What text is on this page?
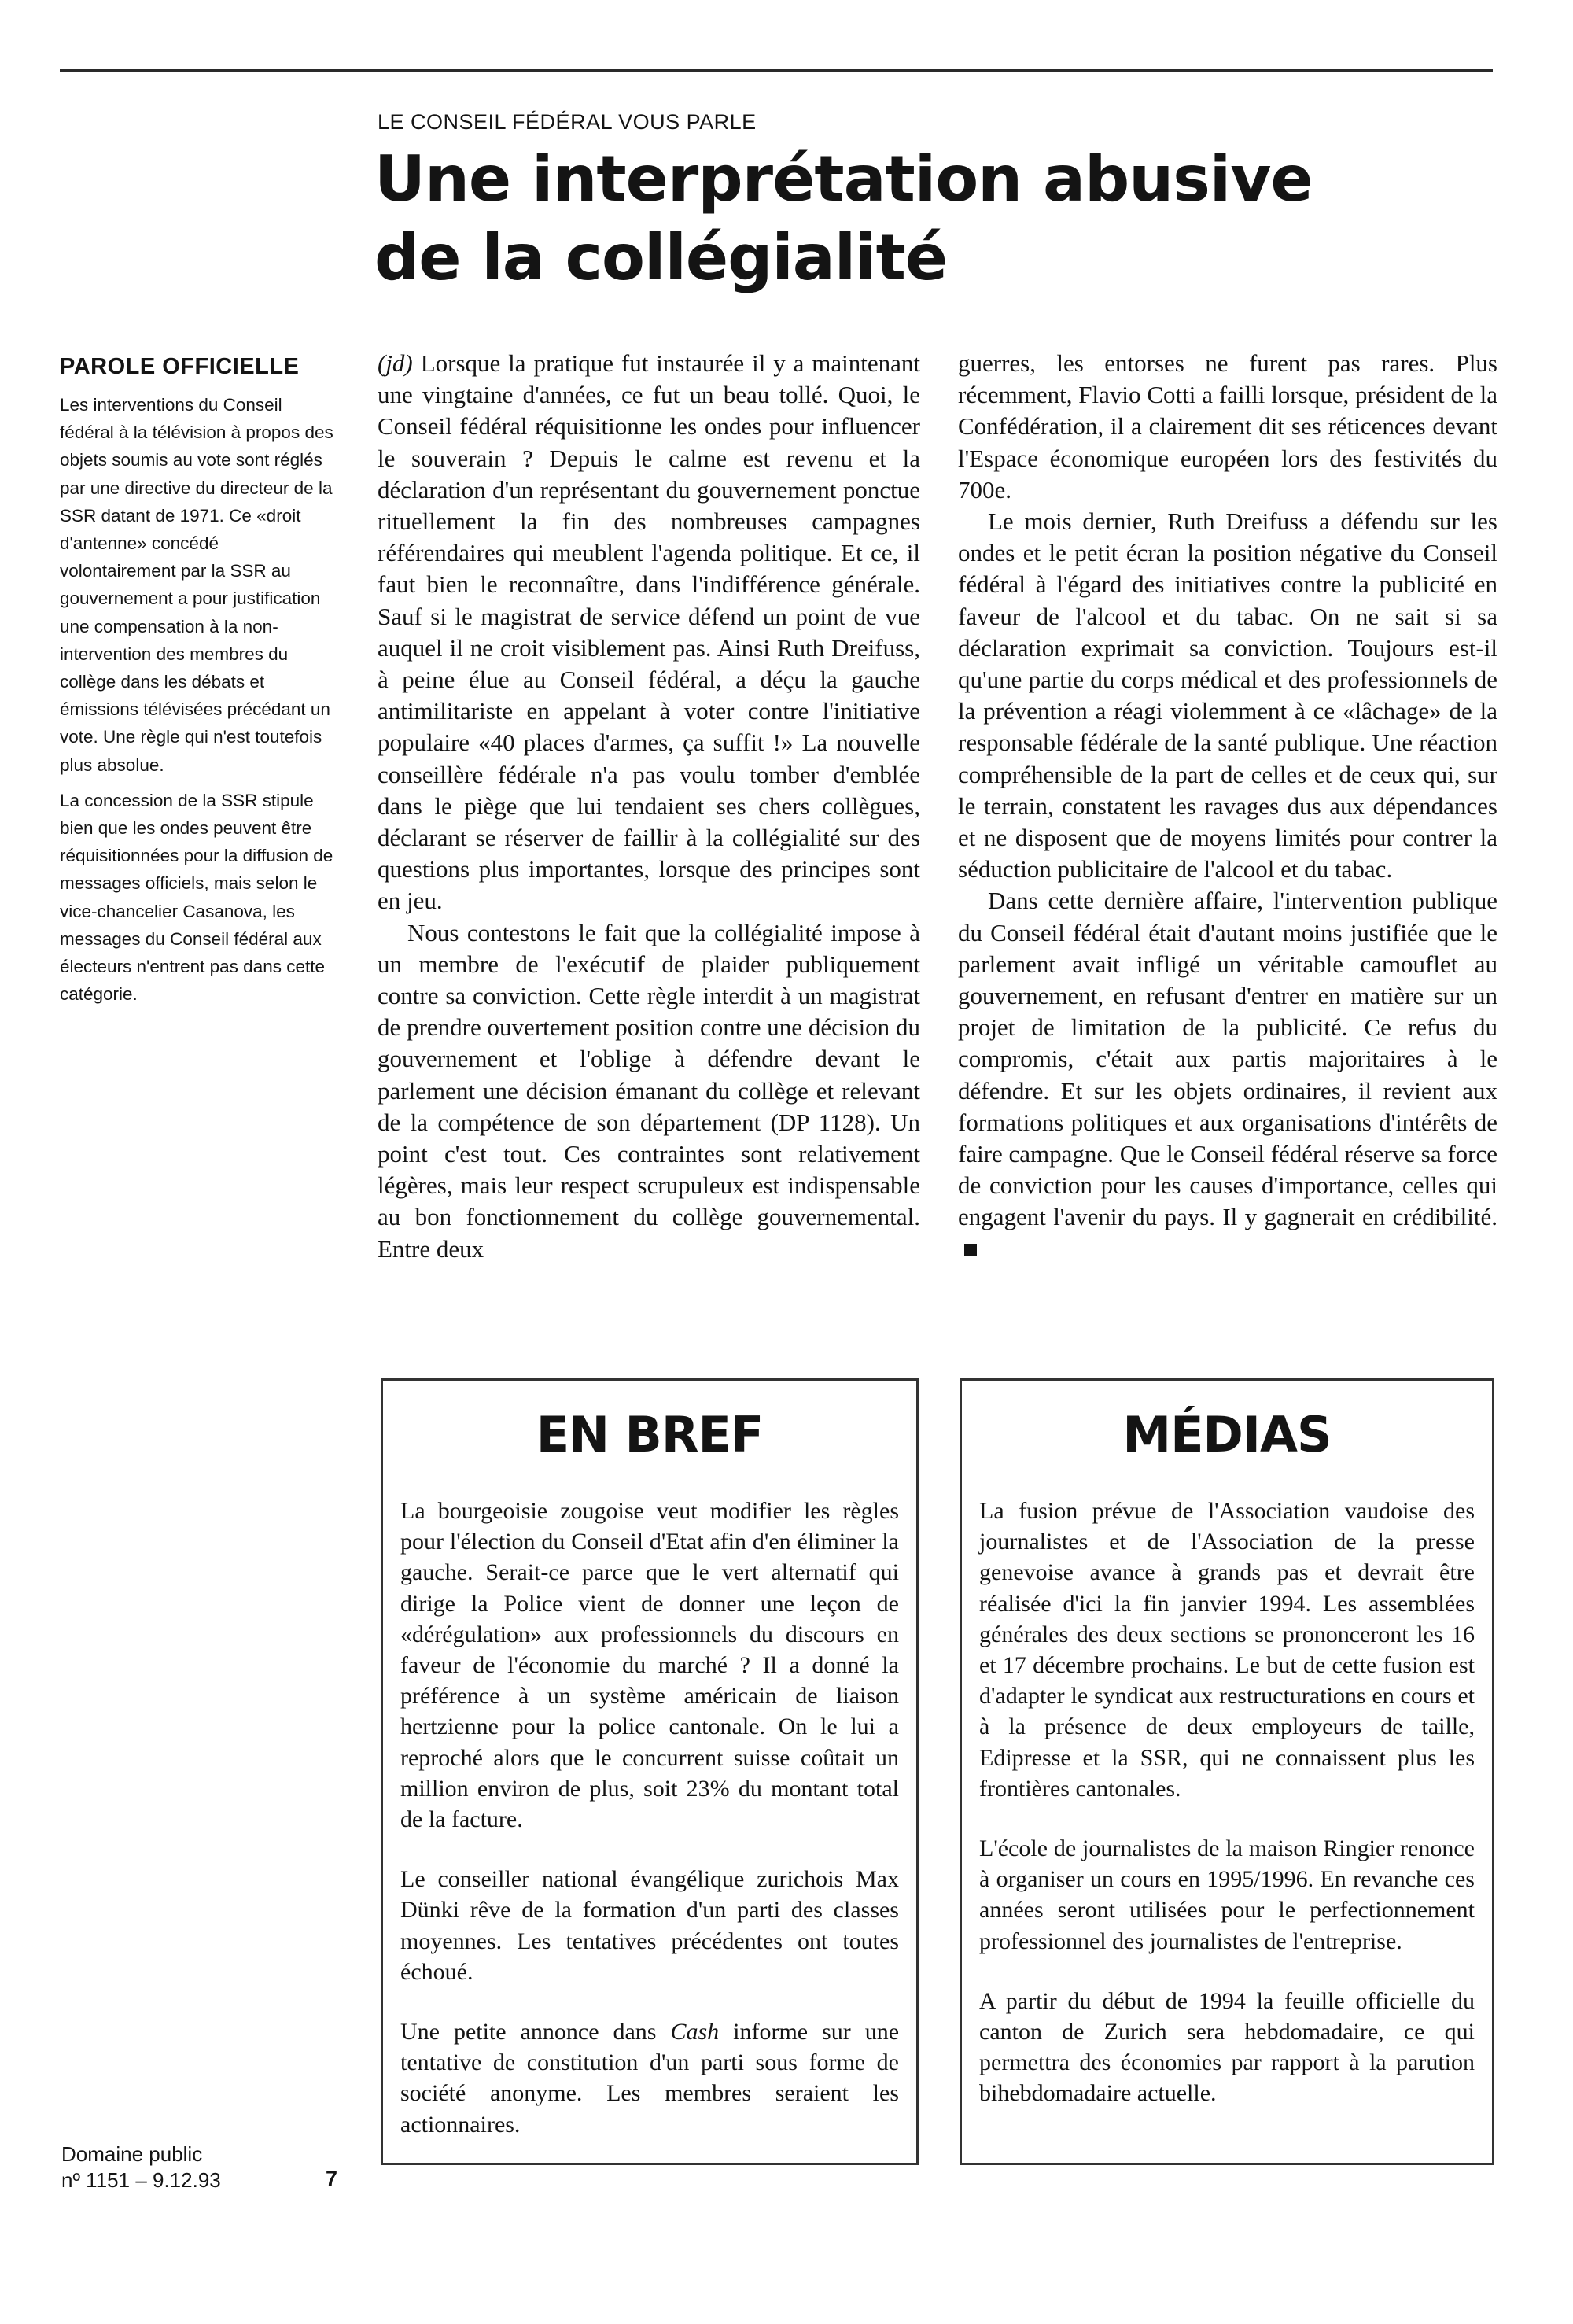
LE CONSEIL FÉDÉRAL VOUS PARLE
Une interprétation abusive
de la collégialité
PAROLE OFFICIELLE

Les interventions du Conseil fédéral à la télévision à propos des objets soumis au vote sont réglés par une directive du directeur de la SSR datant de 1971. Ce «droit d'antenne» concédé volontairement par la SSR au gouvernement a pour justification une compensation à la non-intervention des membres du collège dans les débats et émissions télévisées précédant un vote. Une règle qui n'est toutefois plus absolue.

La concession de la SSR stipule bien que les ondes peuvent être réquisitionnées pour la diffusion de messages officiels, mais selon le vice-chancelier Casanova, les messages du Conseil fédéral aux électeurs n'entrent pas dans cette catégorie.

Domaine public
nº 1151 – 9.12.93	7

(jd) Lorsque la pratique fut instaurée il y a maintenant une vingtaine d'années, ce fut un beau tollé. Quoi, le Conseil fédéral réquisitionne les ondes pour influencer le souverain ? Depuis le calme est revenu et la déclaration d'un représentant du gouvernement ponctue rituellement la fin des nombreuses campagnes référendaires qui meublent l'agenda politique. Et ce, il faut bien le reconnaître, dans l'indifférence générale. Sauf si le magistrat de service défend un point de vue auquel il ne croit visiblement pas. Ainsi Ruth Dreifuss, à peine élue au Conseil fédéral, a déçu la gauche antimilitariste en appelant à voter contre l'initiative populaire «40 places d'armes, ça suffit !» La nouvelle conseillère fédérale n'a pas voulu tomber d'emblée dans le piège que lui tendaient ses chers collègues, déclarant se réserver de faillir à la collégialité sur des questions plus importantes, lorsque des principes sont en jeu.

Nous contestons le fait que la collégialité impose à un membre de l'exécutif de plaider publiquement contre sa conviction. Cette règle interdit à un magistrat de prendre ouvertement position contre une décision du gouvernement et l'oblige à défendre devant le parlement une décision émanant du collège et relevant de la compétence de son département (DP 1128). Un point c'est tout. Ces contraintes sont relativement légères, mais leur respect scrupuleux est indispensable au bon fonctionnement du collège gouvernemental. Entre deux

guerres, les entorses ne furent pas rares. Plus récemment, Flavio Cotti a failli lorsque, président de la Confédération, il a clairement dit ses réticences devant l'Espace économique européen lors des festivités du 700e.

Le mois dernier, Ruth Dreifuss a défendu sur les ondes et le petit écran la position négative du Conseil fédéral à l'égard des initiatives contre la publicité en faveur de l'alcool et du tabac. On ne sait si sa déclaration exprimait sa conviction. Toujours est-il qu'une partie du corps médical et des professionnels de la prévention a réagi violemment à ce «lâchage» de la responsable fédérale de la santé publique. Une réaction compréhensible de la part de celles et de ceux qui, sur le terrain, constatent les ravages dus aux dépendances et ne disposent que de moyens limités pour contrer la séduction publicitaire de l'alcool et du tabac.

Dans cette dernière affaire, l'intervention publique du Conseil fédéral était d'autant moins justifiée que le parlement avait infligé un véritable camouflet au gouvernement, en refusant d'entrer en matière sur un projet de limitation de la publicité. Ce refus du compromis, c'était aux partis majoritaires à le défendre. Et sur les objets ordinaires, il revient aux formations politiques et aux organisations d'intérêts de faire campagne. Que le Conseil fédéral réserve sa force de conviction pour les causes d'importance, celles qui engagent l'avenir du pays. Il y gagnerait en crédibilité.

EN BREF

La bourgeoisie zougoise veut modifier les règles pour l'élection du Conseil d'Etat afin d'en éliminer la gauche. Serait-ce parce que le vert alternatif qui dirige la Police vient de donner une leçon de «dérégulation» aux professionnels du discours en faveur de l'économie du marché ? Il a donné la préférence à un système américain de liaison hertzienne pour la police cantonale. On le lui a reproché alors que le concurrent suisse coûtait un million environ de plus, soit 23% du montant total de la facture.

Le conseiller national évangélique zurichois Max Dünki rêve de la formation d'un parti des classes moyennes. Les tentatives précédentes ont toutes échoué.

Une petite annonce dans Cash informe sur une tentative de constitution d'un parti sous forme de société anonyme. Les membres seraient les actionnaires.

MÉDIAS

La fusion prévue de l'Association vaudoise des journalistes et de l'Association de la presse genevoise avance à grands pas et devrait être réalisée d'ici la fin janvier 1994. Les assemblées générales des deux sections se prononceront les 16 et 17 décembre prochains. Le but de cette fusion est d'adapter le syndicat aux restructurations en cours et à la présence de deux employeurs de taille, Edipresse et la SSR, qui ne connaissent plus les frontières cantonales.

L'école de journalistes de la maison Ringier renonce à organiser un cours en 1995/1996. En revanche ces années seront utilisées pour le perfectionnement professionnel des journalistes de l'entreprise.

A partir du début de 1994 la feuille officielle du canton de Zurich sera hebdomadaire, ce qui permettra des économies par rapport à la parution bihebdomadaire actuelle.
